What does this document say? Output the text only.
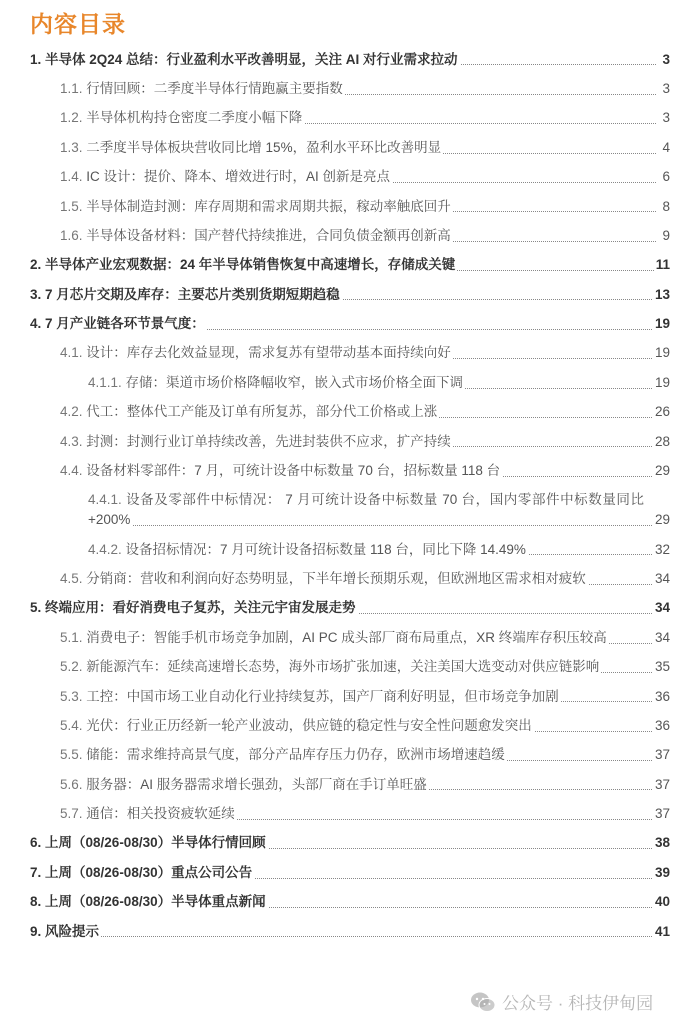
内容目录
1. 半导体 2Q24 总结：行业盈利水平改善明显，关注 AI 对行业需求拉动	3
1.1. 行情回顾：二季度半导体行情跑赢主要指数	3
1.2. 半导体机构持仓密度二季度小幅下降	3
1.3. 二季度半导体板块营收同比增 15%，盈利水平环比改善明显	4
1.4. IC 设计：提价、降本、增效进行时，AI 创新是亮点	6
1.5. 半导体制造封测：库存周期和需求周期共振，稼动率触底回升	8
1.6. 半导体设备材料：国产替代持续推进，合同负债金额再创新高	9
2. 半导体产业宏观数据：24 年半导体销售恢复中高速增长，存储成关键	11
3. 7 月芯片交期及库存：主要芯片类别货期短期趋稳	13
4. 7 月产业链各环节景气度：	19
4.1. 设计：库存去化效益显现，需求复苏有望带动基本面持续向好	19
4.1.1. 存储：渠道市场价格降幅收窄，嵌入式市场价格全面下调	19
4.2. 代工：整体代工产能及订单有所复苏，部分代工价格或上涨	26
4.3. 封测：封测行业订单持续改善，先进封装供不应求，扩产持续	28
4.4. 设备材料零部件：7 月，可统计设备中标数量 70 台，招标数量 118 台	29
4.4.1. 设备及零部件中标情况： 7 月可统计设备中标数量 70 台，国内零部件中标数量同比+200%	29
4.4.2. 设备招标情况：7 月可统计设备招标数量 118 台，同比下降 14.49%	32
4.5. 分销商：营收和利润向好态势明显，下半年增长预期乐观，但欧洲地区需求相对疲软	34
5. 终端应用：看好消费电子复苏，关注元宇宙发展走势	34
5.1. 消费电子：智能手机市场竞争加剧，AI PC 成头部厂商布局重点，XR 终端库存积压较高	34
5.2. 新能源汽车：延续高速增长态势，海外市场扩张加速，关注美国大选变动对供应链影响	35
5.3. 工控：中国市场工业自动化行业持续复苏，国产厂商利好明显，但市场竞争加剧	36
5.4. 光伏：行业正历经新一轮产业波动，供应链的稳定性与安全性问题愈发突出	36
5.5. 储能：需求维持高景气度，部分产品库存压力仍存，欧洲市场增速趋缓	37
5.6. 服务器：AI 服务器需求增长强劲，头部厂商在手订单旺盛	37
5.7. 通信：相关投资疲软延续	37
6. 上周（08/26-08/30）半导体行情回顾	38
7. 上周（08/26-08/30）重点公司公告	39
8. 上周（08/26-08/30）半导体重点新闻	40
9. 风险提示	41
公众号 · 科技伊甸园
